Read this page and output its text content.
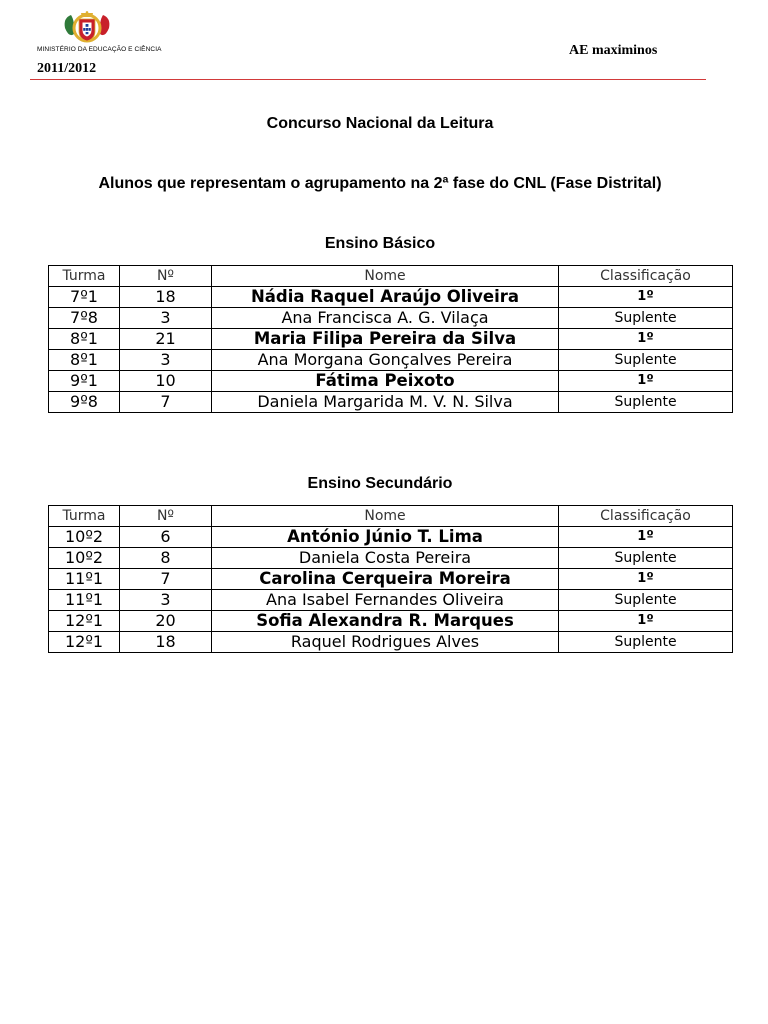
MINISTÉRIO DA EDUCAÇÃO E CIÊNCIA
2011/2012
AE maximinos
Concurso Nacional da Leitura
Alunos que representam o agrupamento na 2ª fase do CNL (Fase Distrital)
Ensino Básico
Turma	Nº	Nome	Classificação
7º1	18	Nádia Raquel Araújo Oliveira	1º
7º8	3	Ana Francisca A. G. Vilaça	Suplente
8º1	21	Maria Filipa Pereira da Silva	1º
8º1	3	Ana Morgana Gonçalves Pereira	Suplente
9º1	10	Fátima Peixoto	1º
9º8	7	Daniela Margarida M. V. N. Silva	Suplente
Ensino Secundário
Turma	Nº	Nome	Classificação
10º2	6	António Júnio T. Lima	1º
10º2	8	Daniela Costa Pereira	Suplente
11º1	7	Carolina Cerqueira Moreira	1º
11º1	3	Ana Isabel Fernandes Oliveira	Suplente
12º1	20	Sofia Alexandra R. Marques	1º
12º1	18	Raquel Rodrigues Alves	Suplente
